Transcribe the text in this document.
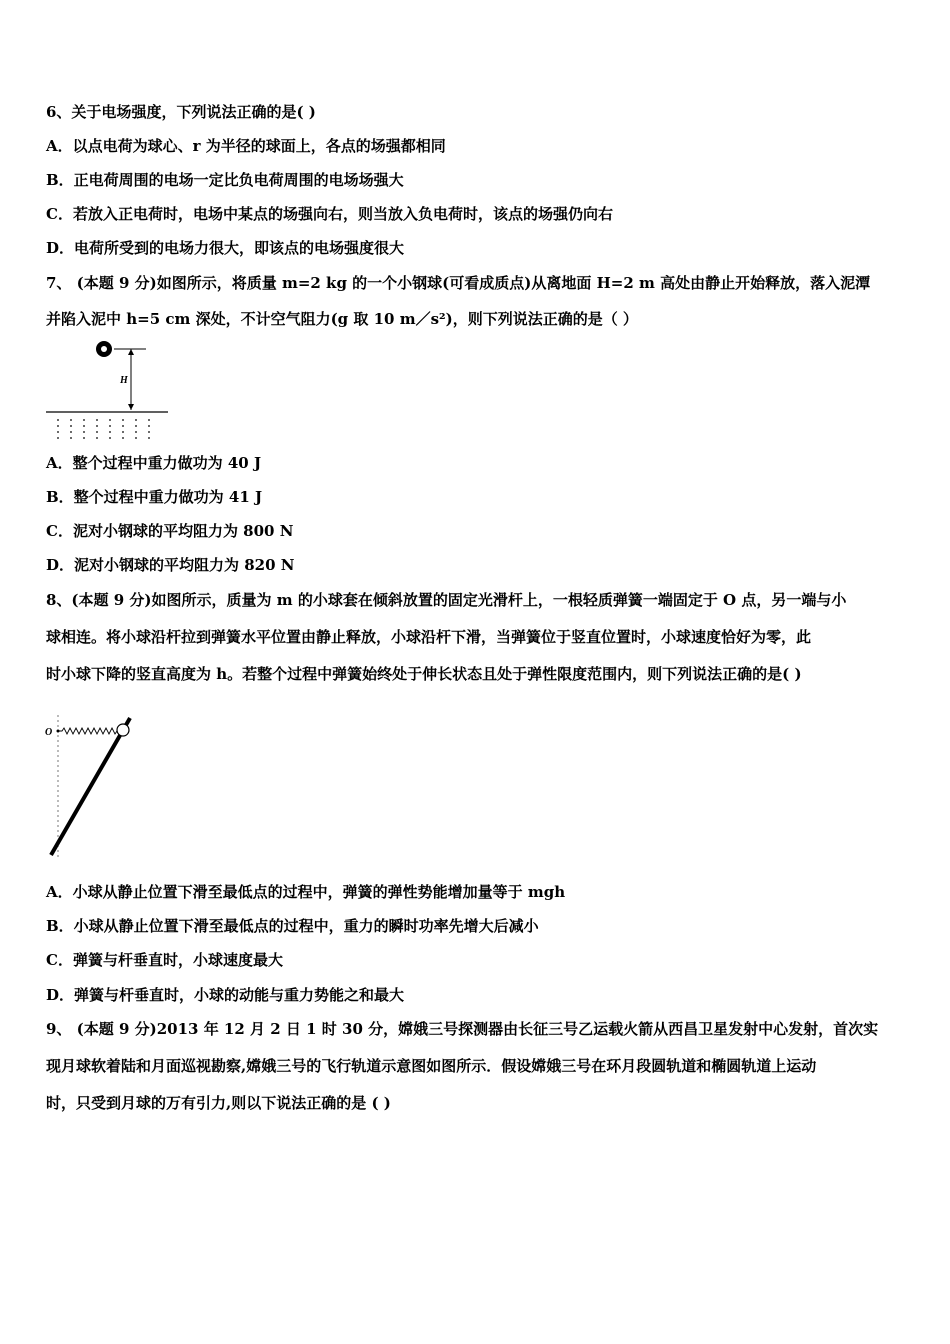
6、关于电场强度，下列说法正确的是( )
A．以点电荷为球心、r 为半径的球面上，各点的场强都相同
B．正电荷周围的电场一定比负电荷周围的电场场强大
C．若放入正电荷时，电场中某点的场强向右，则当放入负电荷时，该点的场强仍向右
D．电荷所受到的电场力很大，即该点的电场强度很大
7、 (本题 9 分)如图所示，将质量 m=2 kg 的一个小钢球(可看成质点)从离地面 H=2 m 高处由静止开始释放，落入泥潭
并陷入泥中 h=5 cm 深处，不计空气阻力(g 取 10 m／s²)，则下列说法正确的是（ ）
H
A．整个过程中重力做功为 40 J
B．整个过程中重力做功为 41 J
C．泥对小钢球的平均阻力为 800 N
D．泥对小钢球的平均阻力为 820 N
8、(本题 9 分)如图所示，质量为 m 的小球套在倾斜放置的固定光滑杆上，一根轻质弹簧一端固定于 O 点，另一端与小
球相连。将小球沿杆拉到弹簧水平位置由静止释放，小球沿杆下滑，当弹簧位于竖直位置时，小球速度恰好为零，此
时小球下降的竖直高度为 h。若整个过程中弹簧始终处于伸长状态且处于弹性限度范围内，则下列说法正确的是( )
O
A．小球从静止位置下滑至最低点的过程中，弹簧的弹性势能增加量等于 mgh
B．小球从静止位置下滑至最低点的过程中，重力的瞬时功率先增大后减小
C．弹簧与杆垂直时，小球速度最大
D．弹簧与杆垂直时，小球的动能与重力势能之和最大
9、 (本题 9 分)2013 年 12 月 2 日 1 时 30 分，嫦娥三号探测器由长征三号乙运载火箭从西昌卫星发射中心发射，首次实
现月球软着陆和月面巡视勘察,嫦娥三号的飞行轨道示意图如图所示．假设嫦娥三号在环月段圆轨道和椭圆轨道上运动
时，只受到月球的万有引力,则以下说法正确的是 ( )
